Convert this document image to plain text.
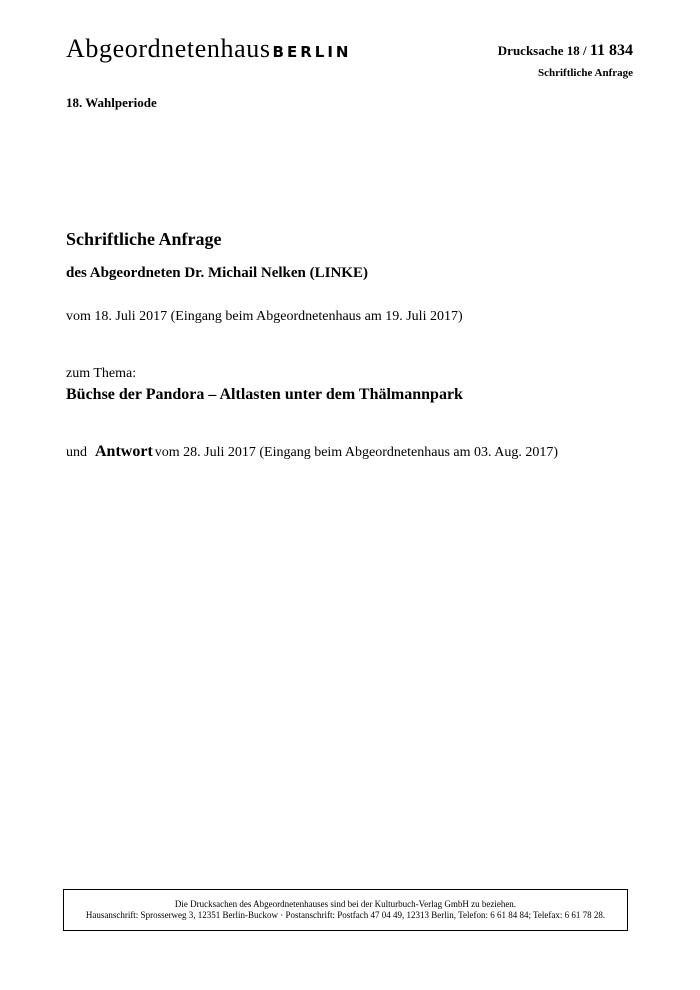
Abgeordnetenhaus BERLIN	Drucksache 18 / 11 834
Schriftliche Anfrage
18. Wahlperiode
Schriftliche Anfrage
des Abgeordneten Dr. Michail Nelken (LINKE)
vom 18. Juli 2017 (Eingang beim Abgeordnetenhaus am 19. Juli 2017)
zum Thema:
Büchse der Pandora – Altlasten unter dem Thälmannpark
und Antwort vom 28. Juli 2017 (Eingang beim Abgeordnetenhaus am 03. Aug. 2017)
Die Drucksachen des Abgeordnetenhauses sind bei der Kulturbuch-Verlag GmbH zu beziehen.
Hausanschrift: Sprosserweg 3, 12351 Berlin-Buckow · Postanschrift: Postfach 47 04 49, 12313 Berlin, Telefon: 6 61 84 84; Telefax: 6 61 78 28.
